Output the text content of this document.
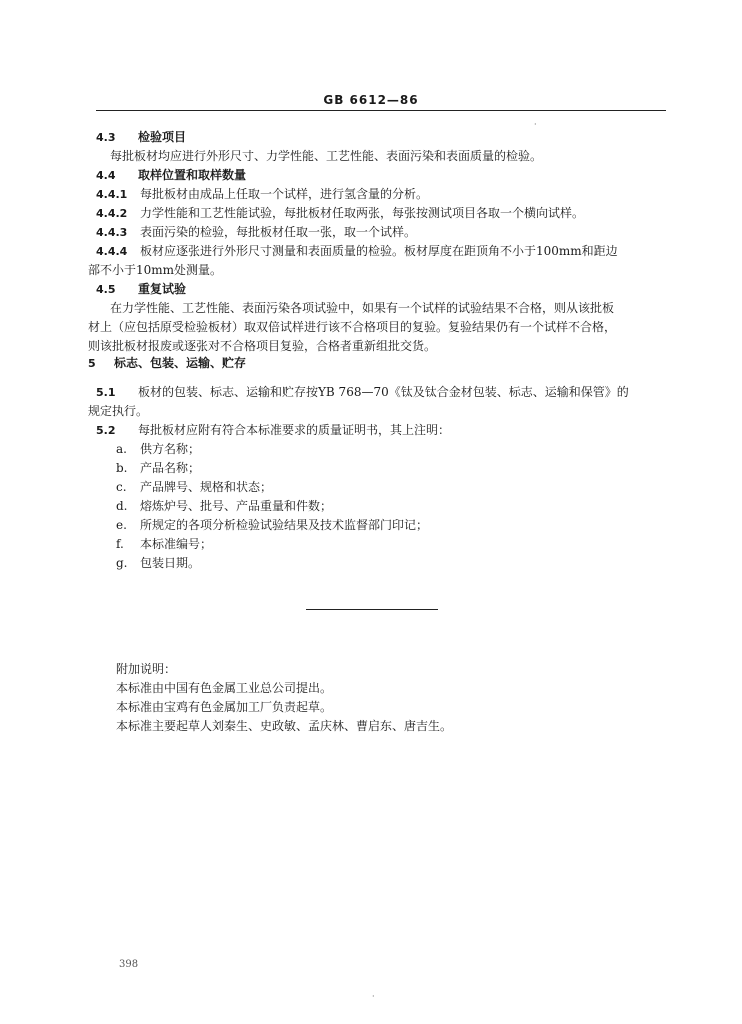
GB 6612—86
·
4.3 检验项目
每批板材均应进行外形尺寸、力学性能、工艺性能、表面污染和表面质量的检验。
4.4 取样位置和取样数量
4.4.1 每批板材由成品上任取一个试样，进行氢含量的分析。
4.4.2 力学性能和工艺性能试验，每批板材任取两张，每张按测试项目各取一个横向试样。
4.4.3 表面污染的检验，每批板材任取一张，取一个试样。
4.4.4 板材应逐张进行外形尺寸测量和表面质量的检验。板材厚度在距顶角不小于100mm和距边
部不小于10mm处测量。
4.5 重复试验
在力学性能、工艺性能、表面污染各项试验中，如果有一个试样的试验结果不合格，则从该批板
材上（应包括原受检验板材）取双倍试样进行该不合格项目的复验。复验结果仍有一个试样不合格，
则该批板材报废或逐张对不合格项目复验，合格者重新组批交货。
5 标志、包装、运输、贮存
5.1 板材的包装、标志、运输和贮存按YB 768—70《钛及钛合金材包装、标志、运输和保管》的
规定执行。
5.2 每批板材应附有符合本标准要求的质量证明书，其上注明：
a. 供方名称；
b. 产品名称；
c. 产品牌号、规格和状态；
d. 熔炼炉号、批号、产品重量和件数；
e. 所规定的各项分析检验试验结果及技术监督部门印记；
f. 本标准编号；
g. 包装日期。
附加说明：
本标准由中国有色金属工业总公司提出。
本标准由宝鸡有色金属加工厂负责起草。
本标准主要起草人刘秦生、史政敏、孟庆林、曹启东、唐吉生。
398
·
